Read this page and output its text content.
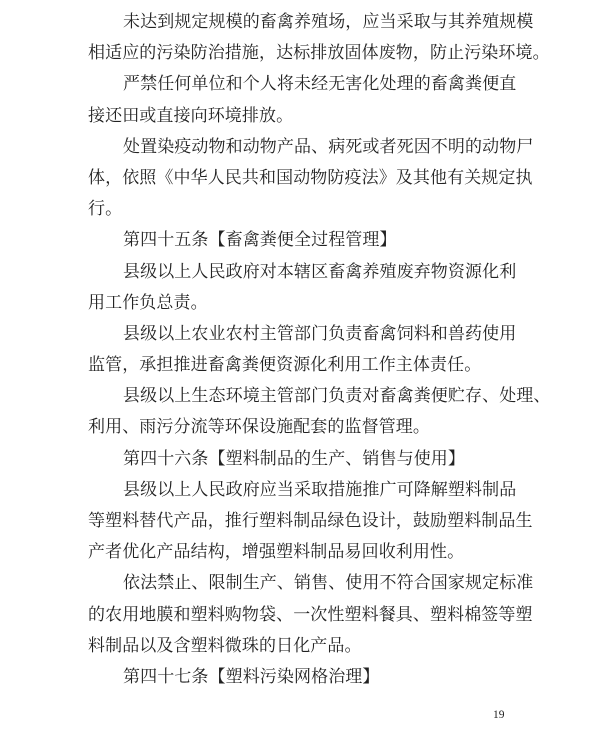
未达到规定规模的畜禽养殖场，应当采取与其养殖规模
相适应的污染防治措施，达标排放固体废物，防止污染环境。
严禁任何单位和个人将未经无害化处理的畜禽粪便直
接还田或直接向环境排放。
处置染疫动物和动物产品、病死或者死因不明的动物尸
体，依照《中华人民共和国动物防疫法》及其他有关规定执
行。
第四十五条【畜禽粪便全过程管理】
县级以上人民政府对本辖区畜禽养殖废弃物资源化利
用工作负总责。
县级以上农业农村主管部门负责畜禽饲料和兽药使用
监管，承担推进畜禽粪便资源化利用工作主体责任。
县级以上生态环境主管部门负责对畜禽粪便贮存、处理、
利用、雨污分流等环保设施配套的监督管理。
第四十六条【塑料制品的生产、销售与使用】
县级以上人民政府应当采取措施推广可降解塑料制品
等塑料替代产品，推行塑料制品绿色设计，鼓励塑料制品生
产者优化产品结构，增强塑料制品易回收利用性。
依法禁止、限制生产、销售、使用不符合国家规定标准
的农用地膜和塑料购物袋、一次性塑料餐具、塑料棉签等塑
料制品以及含塑料微珠的日化产品。
第四十七条【塑料污染网格治理】
19
